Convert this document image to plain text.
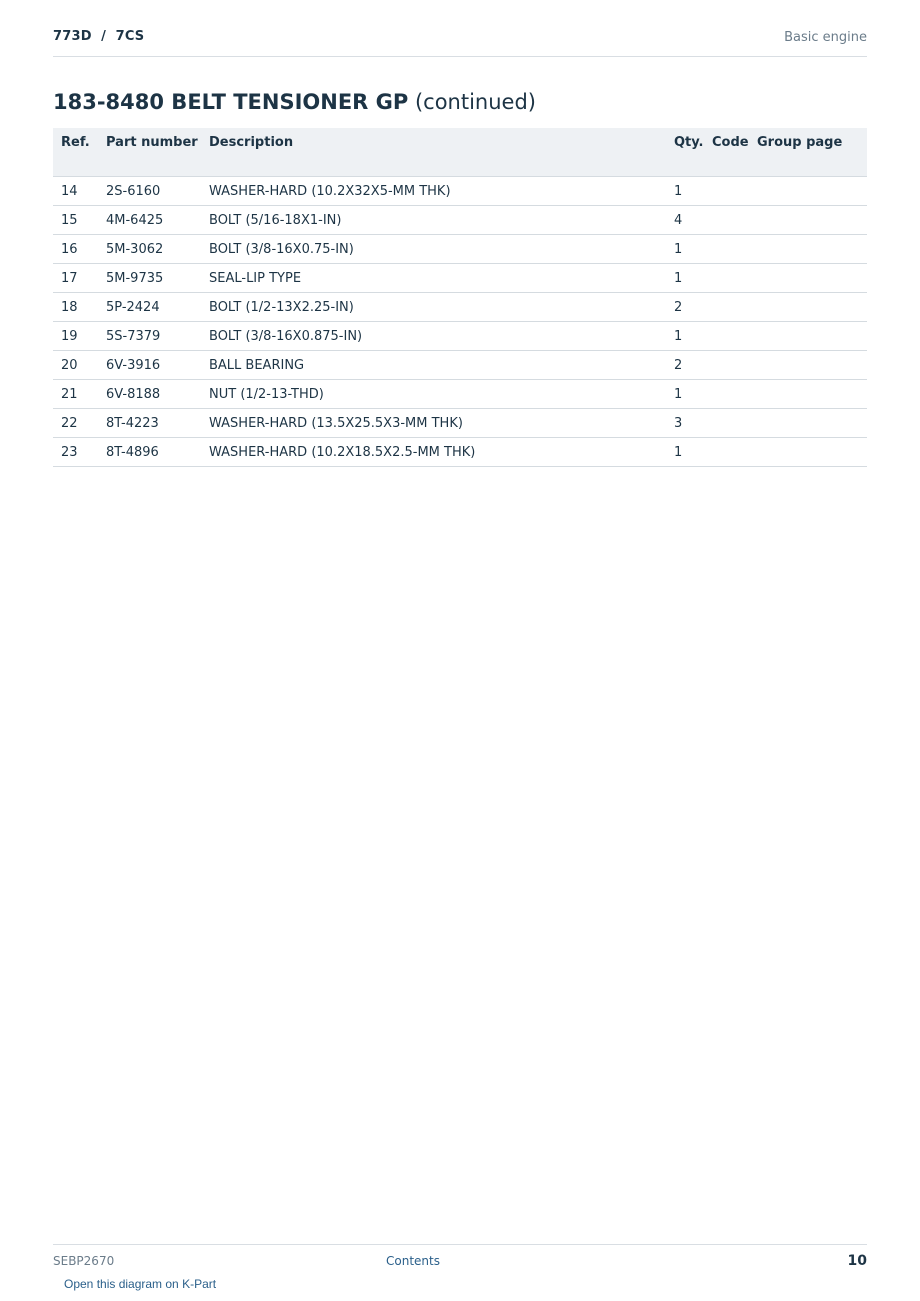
773D  /  7CS	Basic engine
183-8480 BELT TENSIONER GP (continued)
Ref.	Part number	Description	Qty.	Code	Group page
14	2S-6160	WASHER-HARD (10.2X32X5-MM THK)	1		
15	4M-6425	BOLT (5/16-18X1-IN)	4		
16	5M-3062	BOLT (3/8-16X0.75-IN)	1		
17	5M-9735	SEAL-LIP TYPE	1		
18	5P-2424	BOLT (1/2-13X2.25-IN)	2		
19	5S-7379	BOLT (3/8-16X0.875-IN)	1		
20	6V-3916	BALL BEARING	2		
21	6V-8188	NUT (1/2-13-THD)	1		
22	8T-4223	WASHER-HARD (13.5X25.5X3-MM THK)	3		
23	8T-4896	WASHER-HARD (10.2X18.5X2.5-MM THK)	1		
SEBP2670	Contents	10
Open this diagram on K-Part
